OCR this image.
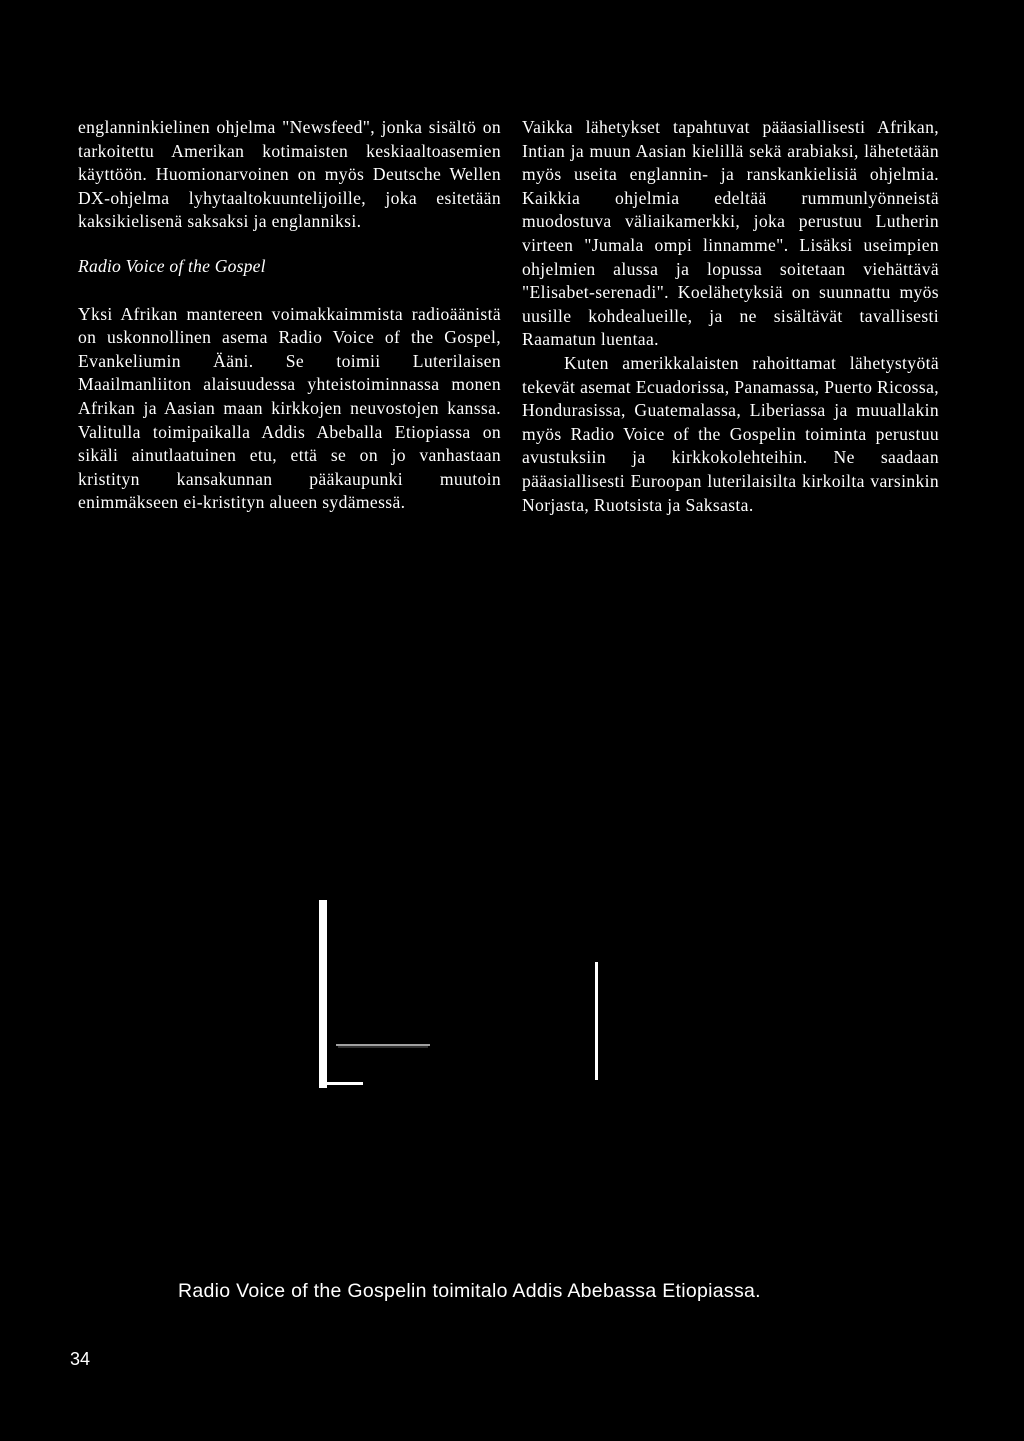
englanninkielinen ohjelma "Newsfeed", jonka sisältö on tarkoitettu Amerikan kotimaisten keskiaaltoasemien käyttöön. Huomionarvoinen on myös Deutsche Wellen DX-ohjelma lyhytaaltokuuntelijoille, joka esitetään kaksikielisenä saksaksi ja englanniksi.

Radio Voice of the Gospel

Yksi Afrikan mantereen voimakkaimmista radioäänistä on uskonnollinen asema Radio Voice of the Gospel, Evankeliumin Ääni. Se toimii Luterilaisen Maailmanliiton alaisuudessa yhteistoiminnassa monen Afrikan ja Aasian maan kirkkojen neuvostojen kanssa. Valitulla toimipaikalla Addis Abeballa Etiopiassa on sikäli ainutlaatuinen etu, että se on jo vanhastaan kristityn kansakunnan pääkaupunki muutoin enimmäkseen ei-kristityn alueen sydämessä.

Vaikka lähetykset tapahtuvat pääasiallisesti Afrikan, Intian ja muun Aasian kielillä sekä arabiaksi, lähetetään myös useita englannin- ja ranskankielisiä ohjelmia. Kaikkia ohjelmia edeltää rummunlyönneistä muodostuva väliaikamerkki, joka perustuu Lutherin virteen "Jumala ompi linnamme". Lisäksi useimpien ohjelmien alussa ja lopussa soitetaan viehättävä "Elisabet-serenadi". Koelähetyksiä on suunnattu myös uusille kohdealueille, ja ne sisältävät tavallisesti Raamatun luentaa.

Kuten amerikkalaisten rahoittamat lähetystyötä tekevät asemat Ecuadorissa, Panamassa, Puerto Ricossa, Hondurasissa, Guatemalassa, Liberiassa ja muuallakin myös Radio Voice of the Gospelin toiminta perustuu avustuksiin ja kirkkokolehteihin. Ne saadaan pääasiallisesti Euroopan luterilaisilta kirkoilta varsinkin Norjasta, Ruotsista ja Saksasta.

Radio Voice of the Gospelin toimitalo Addis Abebassa Etiopiassa.
34
